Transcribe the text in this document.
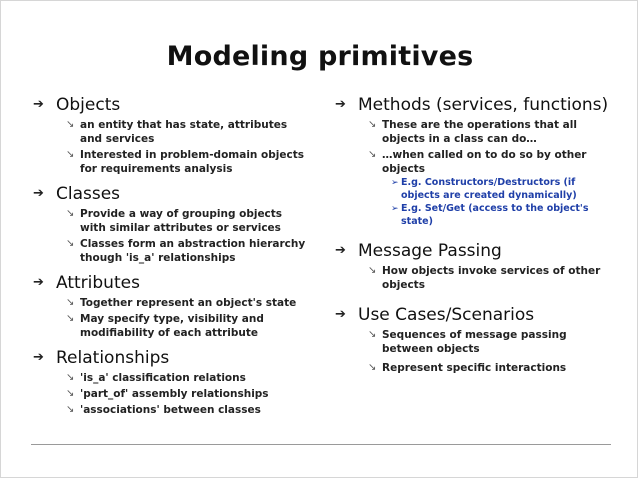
Modeling primitives
➔ Objects
↘ an entity that has state, attributes
and services
↘ Interested in problem-domain objects
for requirements analysis
➔ Classes
↘ Provide a way of grouping objects
with similar attributes or services
↘ Classes form an abstraction hierarchy
though 'is_a' relationships
➔ Attributes
↘ Together represent an object's state
↘ May specify type, visibility and
modifiability of each attribute
➔ Relationships
↘ 'is_a' classification relations
↘ 'part_of' assembly relationships
↘ 'associations' between classes
➔ Methods (services, functions)
↘ These are the operations that all
objects in a class can do…
↘ …when called on to do so by other
objects
➢ E.g. Constructors/Destructors (if
objects are created dynamically)
➢ E.g. Set/Get (access to the object's
state)
➔ Message Passing
↘ How objects invoke services of other
objects
➔ Use Cases/Scenarios
↘ Sequences of message passing
between objects
↘ Represent specific interactions
